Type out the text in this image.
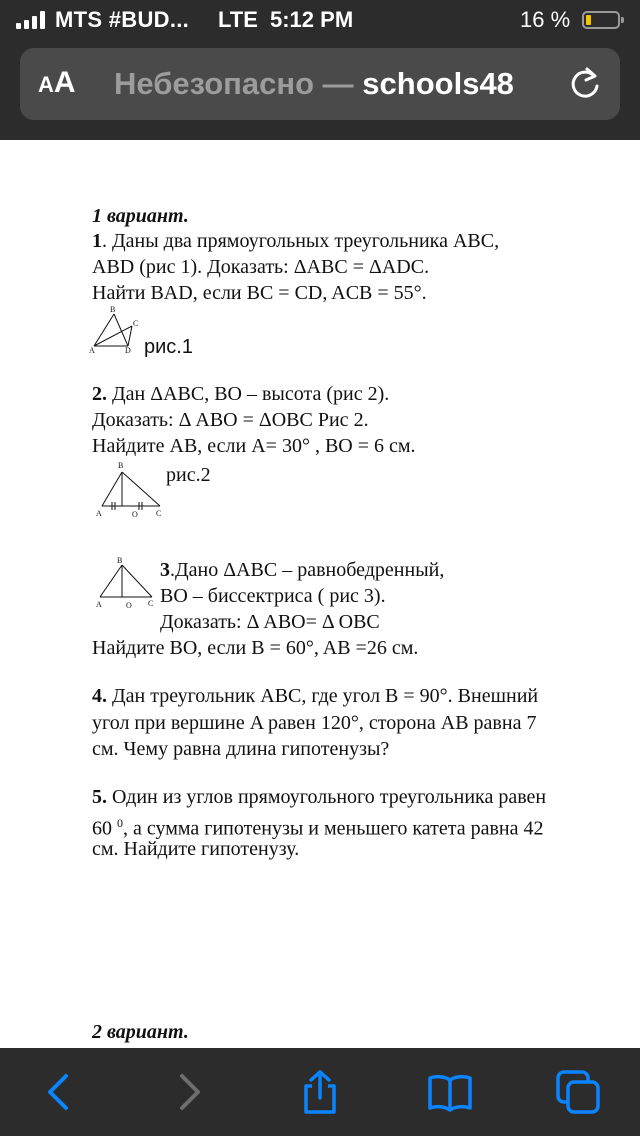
MTS #BUD... LTE 5:12 PM	16 %
AA Небезопасно — schools48
1 вариант.
1. Даны два прямоугольных треугольника ABC,
ABD (рис 1). Доказать: ΔABC = ΔADC.
Найти BAD, если BC = CD, ACB = 55°.
B
C
A	D рис.1
2. Дан ΔABC, BO – высота (рис 2).
Доказать: Δ ABO = ΔOBC Рис 2.
Найдите AB, если A= 30° , BO = 6 см.
B
A	O C
рис.2
B
A	O C
3.Дано ΔABC – равнобедренный,
BO – биссектриса ( рис 3).
Доказать: Δ ABO= Δ OBC
Найдите BO, если B = 60°, AB =26 см.
4. Дан треугольник ABC, где угол B = 90°. Внешний
угол при вершине A равен 120°, сторона AB равна 7
см. Чему равна длина гипотенузы?
5. Один из углов прямоугольного треугольника равен
60 $^0$, а сумма гипотенузы и меньшего катета равна 42
см. Найдите гипотенузу.
2 вариант.
